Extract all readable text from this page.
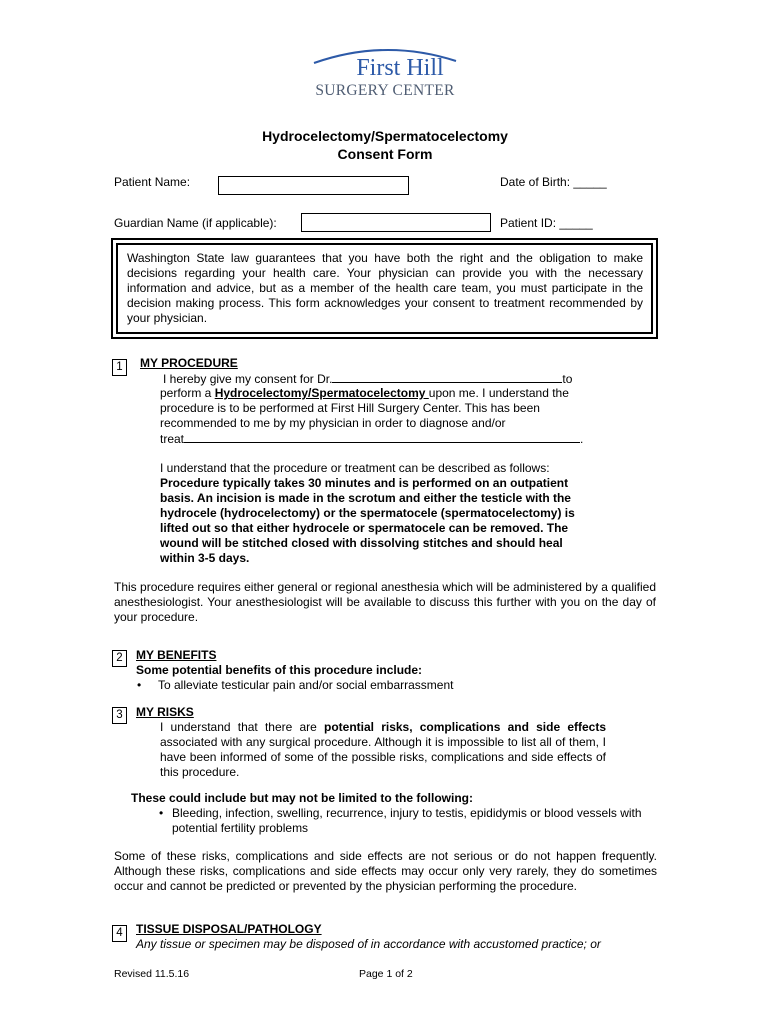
First Hill
SURGERY CENTER
Hydrocelectomy/Spermatocelectomy
Consent Form
Patient Name:	Date of Birth: _____
Guardian Name (if applicable):	Patient ID: _____
Washington State law guarantees that you have both the right and the obligation to make decisions regarding your health care. Your physician can provide you with the necessary information and advice, but as a member of the health care team, you must participate in the decision making process. This form acknowledges your consent to treatment recommended by your physician.
1	MY PROCEDURE
I hereby give my consent for Dr.	to
perform a Hydrocelectomy/Spermatocelectomy upon me. I understand the
procedure is to be performed at First Hill Surgery Center. This has been
recommended to me by my physician in order to diagnose and/or
treat	.
I understand that the procedure or treatment can be described as follows:
Procedure typically takes 30 minutes and is performed on an outpatient basis. An incision is made in the scrotum and either the testicle with the hydrocele (hydrocelectomy) or the spermatocele (spermatocelectomy) is lifted out so that either hydrocele or spermatocele can be removed. The wound will be stitched closed with dissolving stitches and should heal within 3-5 days.
This procedure requires either general or regional anesthesia which will be administered by a qualified anesthesiologist. Your anesthesiologist will be available to discuss this further with you on the day of your procedure.
2	MY BENEFITS
Some potential benefits of this procedure include:
• To alleviate testicular pain and/or social embarrassment
3	MY RISKS
I understand that there are potential risks, complications and side effects associated with any surgical procedure. Although it is impossible to list all of them, I have been informed of some of the possible risks, complications and side effects of this procedure.
These could include but may not be limited to the following:
• Bleeding, infection, swelling, recurrence, injury to testis, epididymis or blood vessels with potential fertility problems
Some of these risks, complications and side effects are not serious or do not happen frequently. Although these risks, complications and side effects may occur only very rarely, they do sometimes occur and cannot be predicted or prevented by the physician performing the procedure.
4	TISSUE DISPOSAL/PATHOLOGY
Any tissue or specimen may be disposed of in accordance with accustomed practice; or
Revised 11.5.16	Page 1 of 2
